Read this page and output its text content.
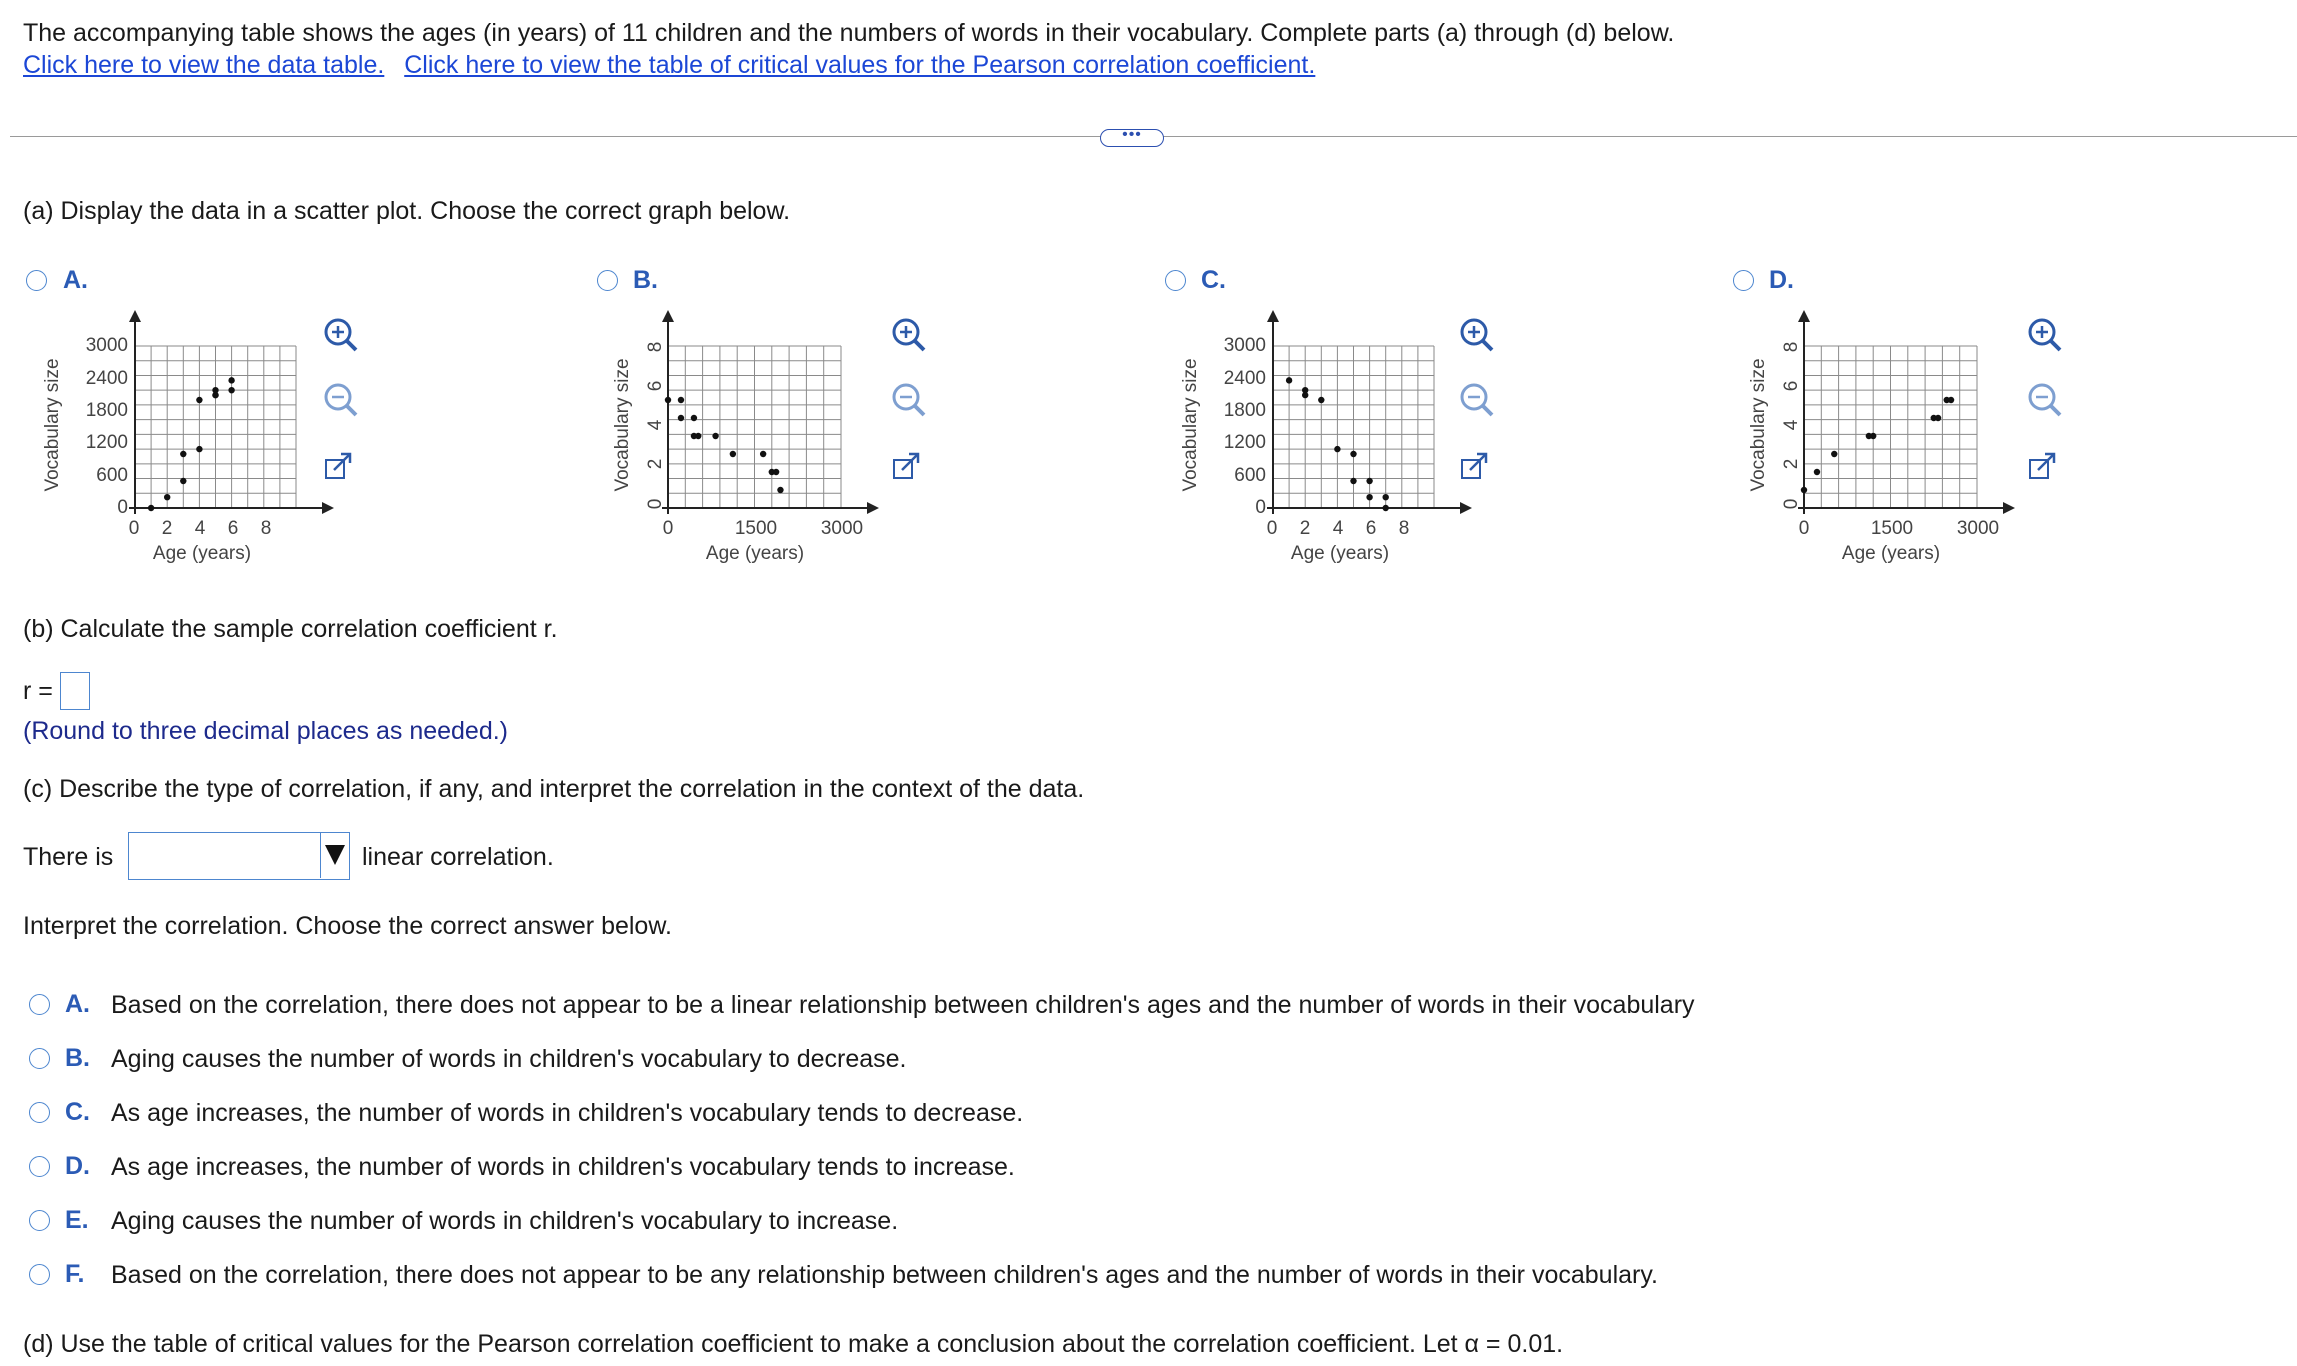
The accompanying table shows the ages (in years) of 11 children and the numbers of words in their vocabulary. Complete parts (a) through (d) below.
Click here to view the data table. Click here to view the table of critical values for the Pearson correlation coefficient.
•••
(a) Display the data in a scatter plot. Choose the correct graph below.
A.
Vocabulary size
3000
2400
1800
1200
600
0
0 2 4 6 8
Age (years)
B.
Vocabulary size
8
6
4
2
0
0	1500 3000
Age (years)
C.
Vocabulary size
3000
2400
1800
1200
600
0
0 2 4 6 8
Age (years)
D.
Vocabulary size
8
6
4
2
0
0	1500 3000
Age (years)
(b) Calculate the sample correlation coefficient r.
r =
(Round to three decimal places as needed.)
(c) Describe the type of correlation, if any, and interpret the correlation in the context of the data.
There is	linear correlation.
Interpret the correlation. Choose the correct answer below.
A. Based on the correlation, there does not appear to be a linear relationship between children's ages and the number of words in their vocabulary
B. Aging causes the number of words in children's vocabulary to decrease.
C. As age increases, the number of words in children's vocabulary tends to decrease.
D. As age increases, the number of words in children's vocabulary tends to increase.
E. Aging causes the number of words in children's vocabulary to increase.
F. Based on the correlation, there does not appear to be any relationship between children's ages and the number of words in their vocabulary.
(d) Use the table of critical values for the Pearson correlation coefficient to make a conclusion about the correlation coefficient. Let α = 0.01.
